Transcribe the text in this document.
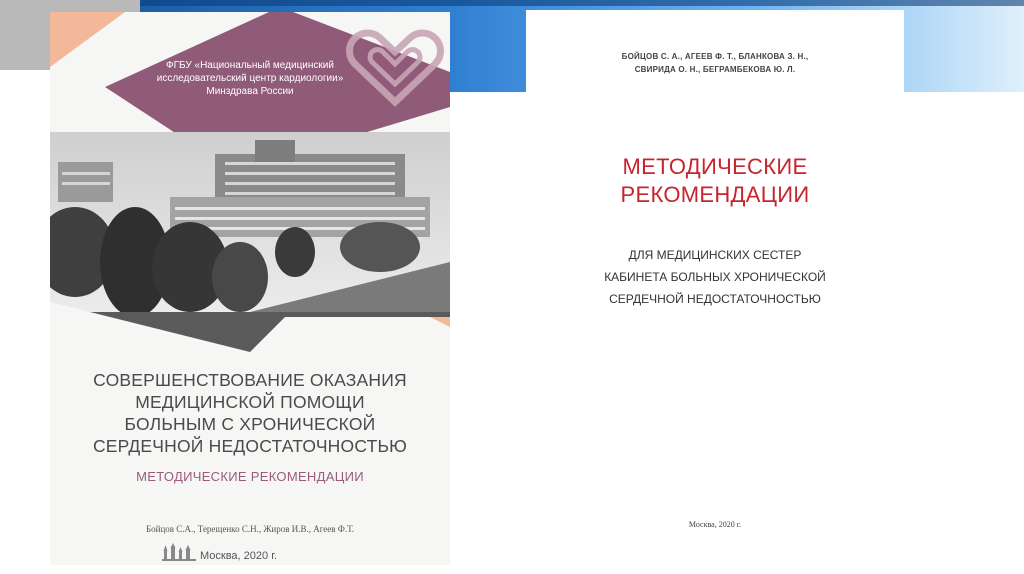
ФГБУ «Национальный медицинский
исследовательский центр кардиологии»
Минздрава России
СОВЕРШЕНСТВОВАНИЕ ОКАЗАНИЯ
МЕДИЦИНСКОЙ ПОМОЩИ
БОЛЬНЫМ С ХРОНИЧЕСКОЙ
СЕРДЕЧНОЙ НЕДОСТАТОЧНОСТЬЮ
МЕТОДИЧЕСКИЕ РЕКОМЕНДАЦИИ
Бойцов С.А., Терещенко С.Н., Жиров И.В., Агеев Ф.Т.
Москва, 2020 г.
БОЙЦОВ С. А., АГЕЕВ Ф. Т., БЛАНКОВА З. Н.,
СВИРИДА О. Н., БЕГРАМБЕКОВА Ю. Л.
МЕТОДИЧЕСКИЕ
РЕКОМЕНДАЦИИ
ДЛЯ МЕДИЦИНСКИХ СЕСТЕР
КАБИНЕТА БОЛЬНЫХ ХРОНИЧЕСКОЙ
СЕРДЕЧНОЙ НЕДОСТАТОЧНОСТЬЮ
Москва, 2020 г.
